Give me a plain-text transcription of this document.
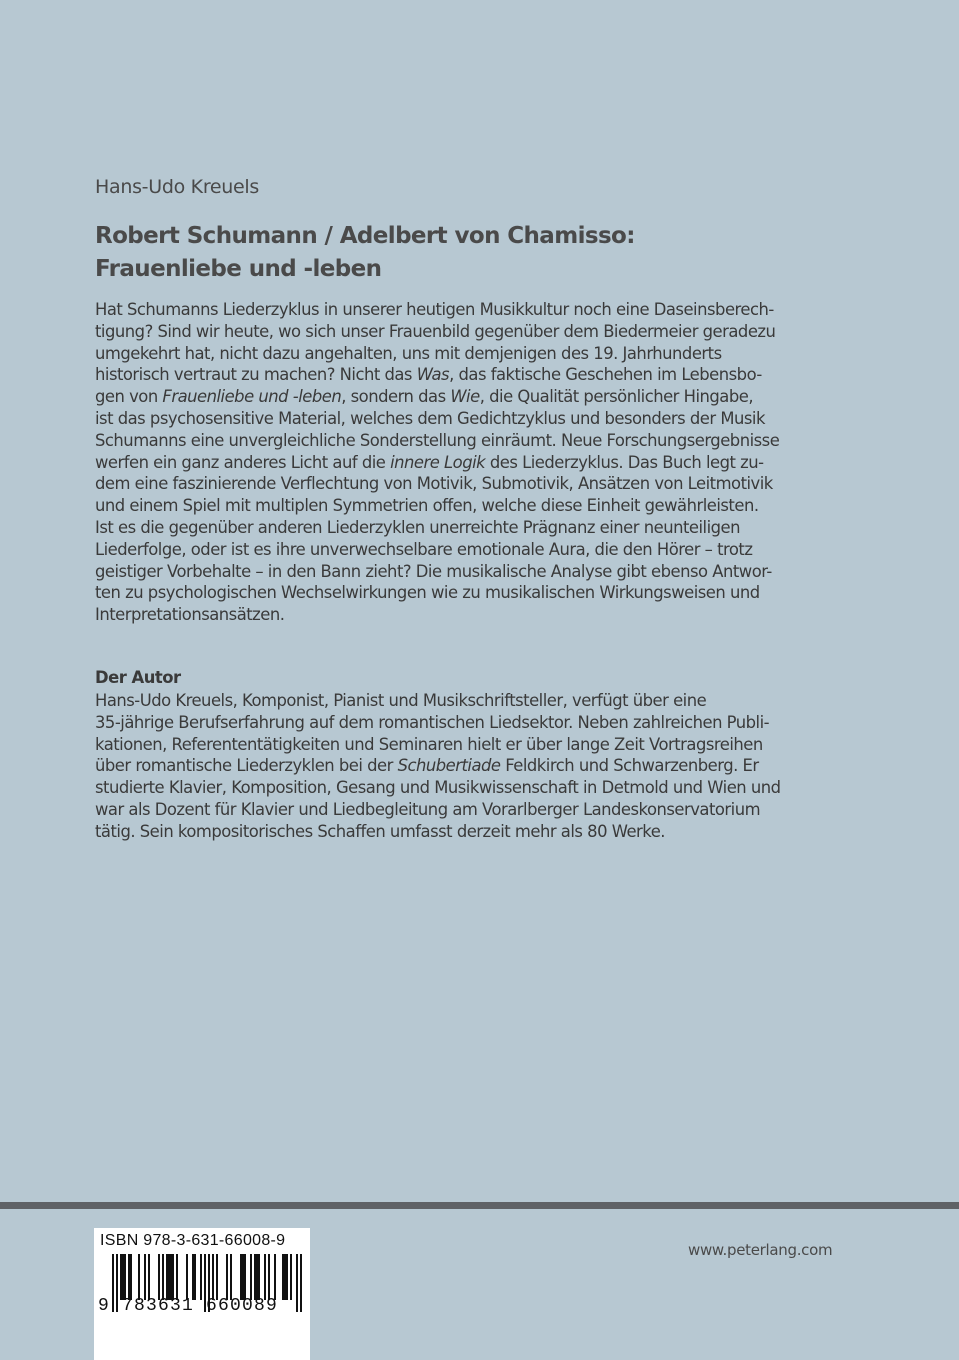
Hans-Udo Kreuels
Robert Schumann / Adelbert von Chamisso:
Frauenliebe und -leben
Hat Schumanns Liederzyklus in unserer heutigen Musikkultur noch eine Daseinsberech-
tigung? Sind wir heute, wo sich unser Frauenbild gegenüber dem Biedermeier geradezu
umgekehrt hat, nicht dazu angehalten, uns mit demjenigen des 19. Jahrhunderts
historisch vertraut zu machen? Nicht das Was, das faktische Geschehen im Lebensbo-
gen von Frauenliebe und -leben, sondern das Wie, die Qualität persönlicher Hingabe,
ist das psychosensitive Material, welches dem Gedichtzyklus und besonders der Musik
Schumanns eine unvergleichliche Sonderstellung einräumt. Neue Forschungsergebnisse
werfen ein ganz anderes Licht auf die innere Logik des Liederzyklus. Das Buch legt zu-
dem eine faszinierende Verflechtung von Motivik, Submotivik, Ansätzen von Leitmotivik
und einem Spiel mit multiplen Symmetrien offen, welche diese Einheit gewährleisten.
Ist es die gegenüber anderen Liederzyklen unerreichte Prägnanz einer neunteiligen
Liederfolge, oder ist es ihre unverwechselbare emotionale Aura, die den Hörer – trotz
geistiger Vorbehalte – in den Bann zieht? Die musikalische Analyse gibt ebenso Antwor-
ten zu psychologischen Wechselwirkungen wie zu musikalischen Wirkungsweisen und
Interpretationsansätzen.
Der Autor
Hans-Udo Kreuels, Komponist, Pianist und Musikschriftsteller, verfügt über eine
35-jährige Berufserfahrung auf dem romantischen Liedsektor. Neben zahlreichen Publi-
kationen, Referententätigkeiten und Seminaren hielt er über lange Zeit Vortragsreihen
über romantische Liederzyklen bei der Schubertiade Feldkirch und Schwarzenberg. Er
studierte Klavier, Komposition, Gesang und Musikwissenschaft in Detmold und Wien und
war als Dozent für Klavier und Liedbegleitung am Vorarlberger Landeskonservatorium
tätig. Sein kompositorisches Schaffen umfasst derzeit mehr als 80 Werke.
ISBN 978-3-631-66008-9
9 783631 660089
www.peterlang.com
